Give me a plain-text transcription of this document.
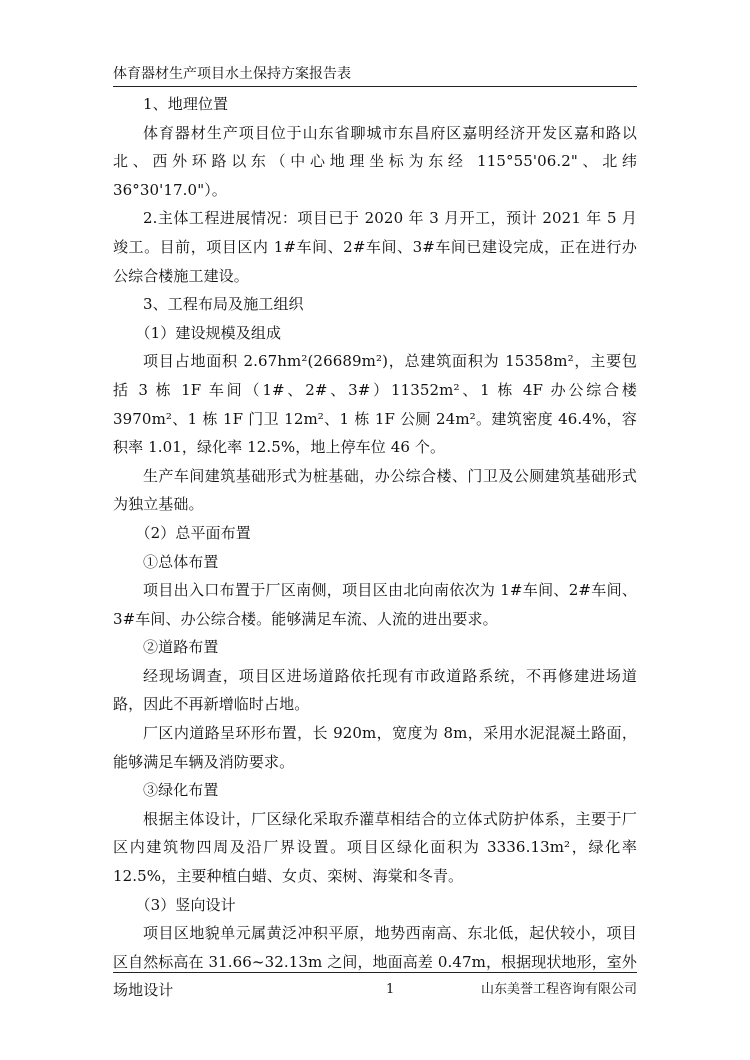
体育器材生产项目水土保持方案报告表

1、地理位置

体育器材生产项目位于山东省聊城市东昌府区嘉明经济开发区嘉和路以北、西外环路以东（中心地理坐标为东经 115°55'06.2"、北纬 36°30'17.0"）。

2.主体工程进展情况：项目已于 2020 年 3 月开工，预计 2021 年 5 月竣工。目前，项目区内 1#车间、2#车间、3#车间已建设完成，正在进行办公综合楼施工建设。

3、工程布局及施工组织

（1）建设规模及组成

项目占地面积 2.67hm²(26689m²)，总建筑面积为 15358m²，主要包括 3 栋 1F 车间（1#、2#、3#）11352m²、1 栋 4F 办公综合楼 3970m²、1 栋 1F 门卫 12m²、1 栋 1F 公厕 24m²。建筑密度 46.4%，容积率 1.01，绿化率 12.5%，地上停车位 46 个。

生产车间建筑基础形式为桩基础，办公综合楼、门卫及公厕建筑基础形式为独立基础。

（2）总平面布置

①总体布置

项目出入口布置于厂区南侧，项目区由北向南依次为 1#车间、2#车间、3#车间、办公综合楼。能够满足车流、人流的进出要求。

②道路布置

经现场调查，项目区进场道路依托现有市政道路系统，不再修建进场道路，因此不再新增临时占地。

厂区内道路呈环形布置，长 920m，宽度为 8m，采用水泥混凝土路面，能够满足车辆及消防要求。

③绿化布置

根据主体设计，厂区绿化采取乔灌草相结合的立体式防护体系，主要于厂区内建筑物四周及沿厂界设置。项目区绿化面积为 3336.13m²，绿化率 12.5%，主要种植白蜡、女贞、栾树、海棠和冬青。

（3）竖向设计

项目区地貌单元属黄泛冲积平原，地势西南高、东北低，起伏较小，项目区自然标高在 31.66~32.13m 之间，地面高差 0.47m，根据现状地形，室外场地设计	1	山东美誉工程咨询有限公司
